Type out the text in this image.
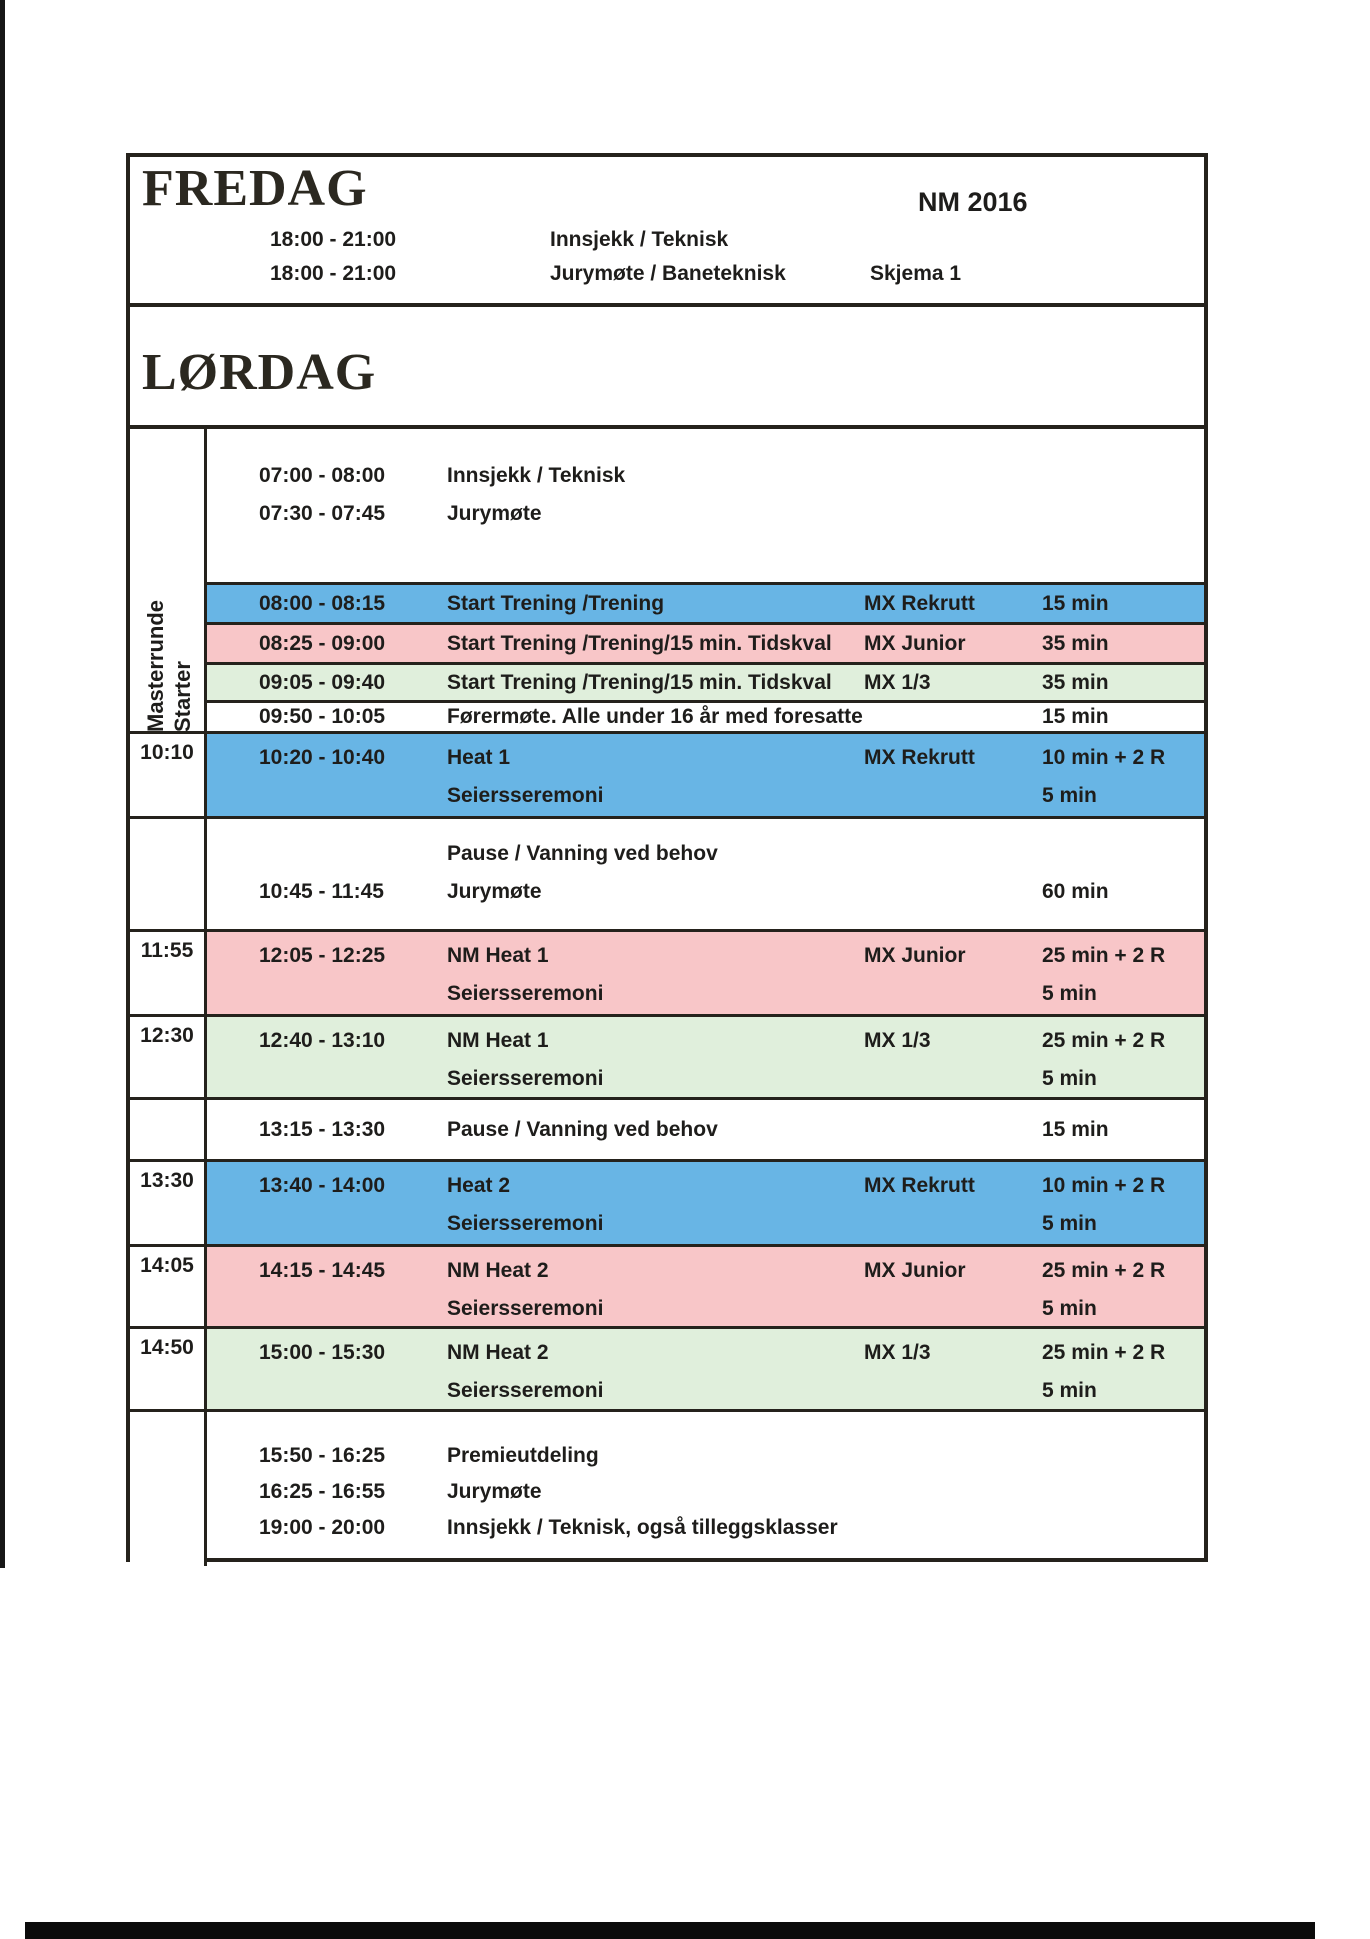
FREDAG	NM 2016
18:00 - 21:00	Innsjekk / Teknisk
18:00 - 21:00	Jurymøte / Baneteknisk	Skjema 1
LØRDAG
07:00 - 08:00	Innsjekk / Teknisk
07:30 - 07:45	Jurymøte
08:00 - 08:15	Start Trening /Trening	MX Rekrutt	15 min
08:25 - 09:00	Start Trening /Trening/15 min. Tidskval	MX Junior	35 min
09:05 - 09:40	Start Trening /Trening/15 min. Tidskval	MX 1/3	35 min
09:50 - 10:05	Førermøte. Alle under 16 år med foresatte	15 min
10:10	10:20 - 10:40	Heat 1	MX Rekrutt	10 min + 2 R
Seiersseremoni	5 min
Pause / Vanning ved behov
10:45 - 11:45	Jurymøte	60 min
11:55	12:05 - 12:25	NM Heat 1	MX Junior	25 min + 2 R
Seiersseremoni	5 min
12:30	12:40 - 13:10	NM Heat 1	MX 1/3	25 min + 2 R
Seiersseremoni	5 min
13:15 - 13:30	Pause / Vanning ved behov	15 min
13:30	13:40 - 14:00	Heat 2	MX Rekrutt	10 min + 2 R
Seiersseremoni	5 min
14:05	14:15 - 14:45	NM Heat 2	MX Junior	25 min + 2 R
Seiersseremoni	5 min
14:50	15:00 - 15:30	NM Heat 2	MX 1/3	25 min + 2 R
Seiersseremoni	5 min
15:50 - 16:25	Premieutdeling
16:25 - 16:55	Jurymøte
19:00 - 20:00	Innsjekk / Teknisk, også tilleggsklasser
Masterrunde Starter
